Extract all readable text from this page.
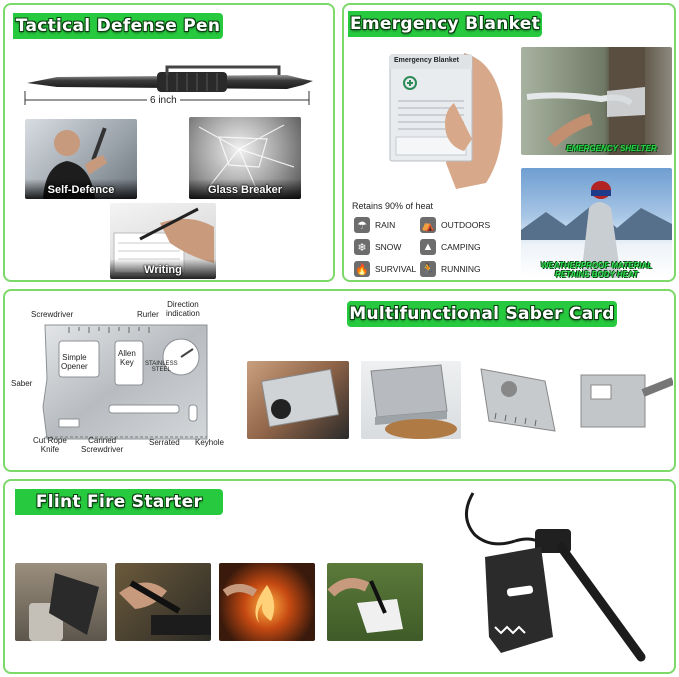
Tactical Defense Pen
6 inch
Self-Defence	Glass Breaker
Writing
Emergency Blanket
Emergency Blanket
EMERGENCY SHELTER
WEATHERPROOF MATERIAL
RETAINS BODY HEAT
Retains 90% of heat
☂ RAIN ⛺ OUTDOORS
❄ SNOW ▲ CAMPING
🔥 SURVIVAL 🏃 RUNNING
Multifunctional Saber Card
Simple
Opener
Allen
Key	STAINLESS
STEEL
Screwdriver	Rurler
Direction
indication
Saber
Cut Rope
Knife
Canned
Screwdriver
Serrated Keyhole
Flint Fire Starter
